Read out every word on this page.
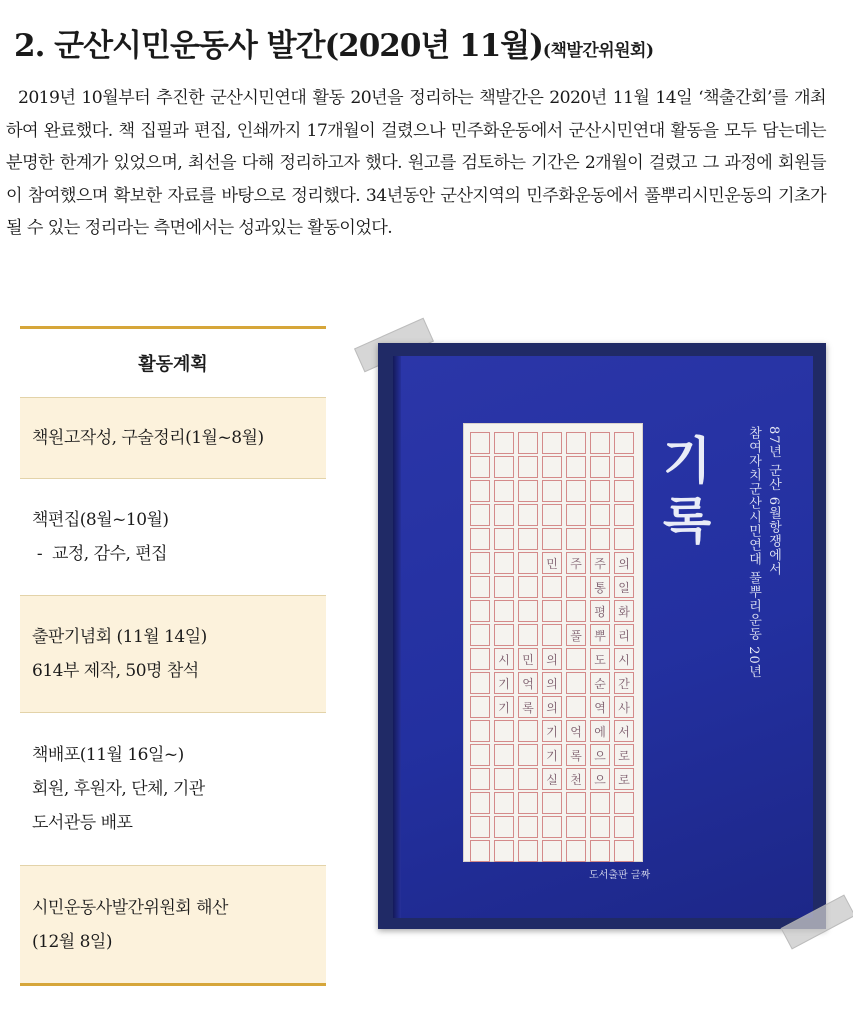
2. 군산시민운동사 발간(2020년 11월)(책발간위원회)

2019년 10월부터 추진한 군산시민연대 활동 20년을 정리하는 책발간은 2020년 11월 14일 ‘책출간회’를 개최하여 완료했다. 책 집필과 편집, 인쇄까지 17개월이 걸렸으나 민주화운동에서 군산시민연대 활동을 모두 담는데는 분명한 한계가 있었으며, 최선을 다해 정리하고자 했다. 원고를 검토하는 기간은 2개월이 걸렸고 그 과정에 회원들이 참여했으며 확보한 자료를 바탕으로 정리했다. 34년동안 군산지역의 민주화운동에서 풀뿌리시민운동의 기초가 될 수 있는 정리라는 측면에서는 성과있는 활동이었다.

활동계획
책원고작성, 구술정리(1월~8월)
책편집(8월~10월)
-  교정, 감수, 편집
출판기념회 (11월 14일)
614부 제작, 50명 참석
책배포(11월 16일~)
회원, 후원자, 단체, 기관
도서관등 배포
시민운동사발간위원회 해산
(12월 8일)
민	주	주	의
통	일
평	화
풀	뿌	리
시	민	의	도	시
기	억	의	순	간
기	록	의	역	사
기	억	에	서
기	록	으	로
실	천	으	로
기록	87년 군산 6월항쟁에서
참여자치군산시민연대 풀뿌리운동 20년
도서출판 글짜
